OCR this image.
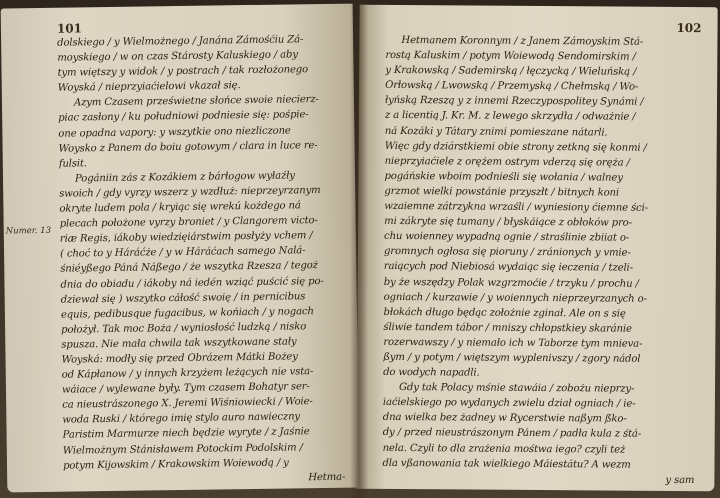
101
Numer. 13
dolskiego / y Wielmożnego / Janána Zámośćiu Zá-
moyskiego / w on czas Stárosty Kaluskiego / aby
tym więtszy y widok / y postrach / tak rozłożonego
Woyská / nieprzyiaćielowi vkazał się.
Azym Czasem prześwietne słońce swoie niecierz-
piac zasłony / ku południowi podniesie się: pośpie-
one opadna vapory: y wszytkie ono niezliczone
Woysko z Panem do boiu gotowym / clara in luce re-
fulsit.
Pogániin zás z Kozákiem z bárłogow wyłaźły
swoich / gdy vyrzy wszerz y wzdłuż: nieprzeyrzanym
okryte ludem pola / kryiąc się wrekú kożdego ná
plecach położone vyrzy broniet / y Clangorem victo-
riæ Regis, iákoby wiedzięiárstwim posłyży vchem /
( choć to y Háráćże / y w Háráćach samego Nalá-
śniéyßego Páná Náßego / że wszytka Rzesza / tegoż
dnia do obiadu / iákoby ná iedén wziąć puścić się po-
dziewał się ) wszytko cáłość swoię / in pernicibus
equis, pedibusque fugacibus, w końiach / y nogach
położył. Tak moc Boża / wyniosłość ludzką / nisko
spusza. Nie mała chwila tak wszytkowane stały
Woyská: modły się przed Obrázem Mátki Bożey
od Kápłanow / y innych krzyżem leżących nie vsta-
wáiace / wylewane były. Tym czasem Bohatyr ser-
ca nieustrászonego X. Jeremi Wiśniowiecki / Woie-
woda Ruski / którego imię stylo auro nawieczny
Paristim Marmurze niech będzie wyryte / z Jaśnie
Wielmożnym Stánisławem Potockim Podolskim /
potym Kijowskim / Krakowskim Woiewodą / y
Hetma-
102
Hetmanem Koronnym / z Janem Zámoyskim Stá-
rostą Kaluskim / potym Woiewodą Sendomirskim /
y Krakowską / Sademirską / łęczycką / Wieluńską /
Orłowską / Lwowską / Przemyską / Chełmską / Wo-
łyńską Rzeszą y z innemi Rzeczypospolitey Synámi /
z a licentią J. Kr. M. z lewego skrzydła / odważnie /
ná Kozáki y Tátary znimi pomieszane nátarli.
Więc gdy dziárstkiemi obie strony zetkną się konmi /
nieprzyiaćiele z orężem ostrym vderzą się oręża /
pogáńskie wboim podnieśli się wołania / walney
grzmot wielki powstánie przyszłt / bitnych koni
wzaiemne zátrzykna wrzaśli / wyniesiony ćiemne ści-
mi zákryte się tumany / błyskáiące z obłoków pro-
chu woienney wypadną ognie / straślinie zbiiat o-
gromnych ogłosa się pioruny / zránionych y vmie-
raiących pod Niebiosá wydaiąc się ieczenia / tzeli-
by że wszędzy Polak wzgrzmoćie / trzyku / prochu /
ogniach / kurzawie / y woiennych nieprzeyrzanych o-
błokách długo będąc zołożnie zginał. Ale on s się
śliwie tandem tábor / mniszy chłopstkiey skaránie
rozerwawszy / y niemało ich w Taborze tym mnieva-
ßym / y potym / więtszym wyplenivszy / zgory nádol
do wodych napadli.
Gdy tak Polacy mśnie stawáia / zobożu nieprzy-
iaćielskiego po wydanych zwielu dział ogniach / ie-
dna wielka bez żadney w Rycerstwie naßym ßko-
dy / przed nieustrászonym Pánem / padła kula z śtá-
nela. Czyli to dla zrażenia mośtwa iego? czyli też
dla vßanowania tak wielkiego Máiestátu? A wezm
y sam
